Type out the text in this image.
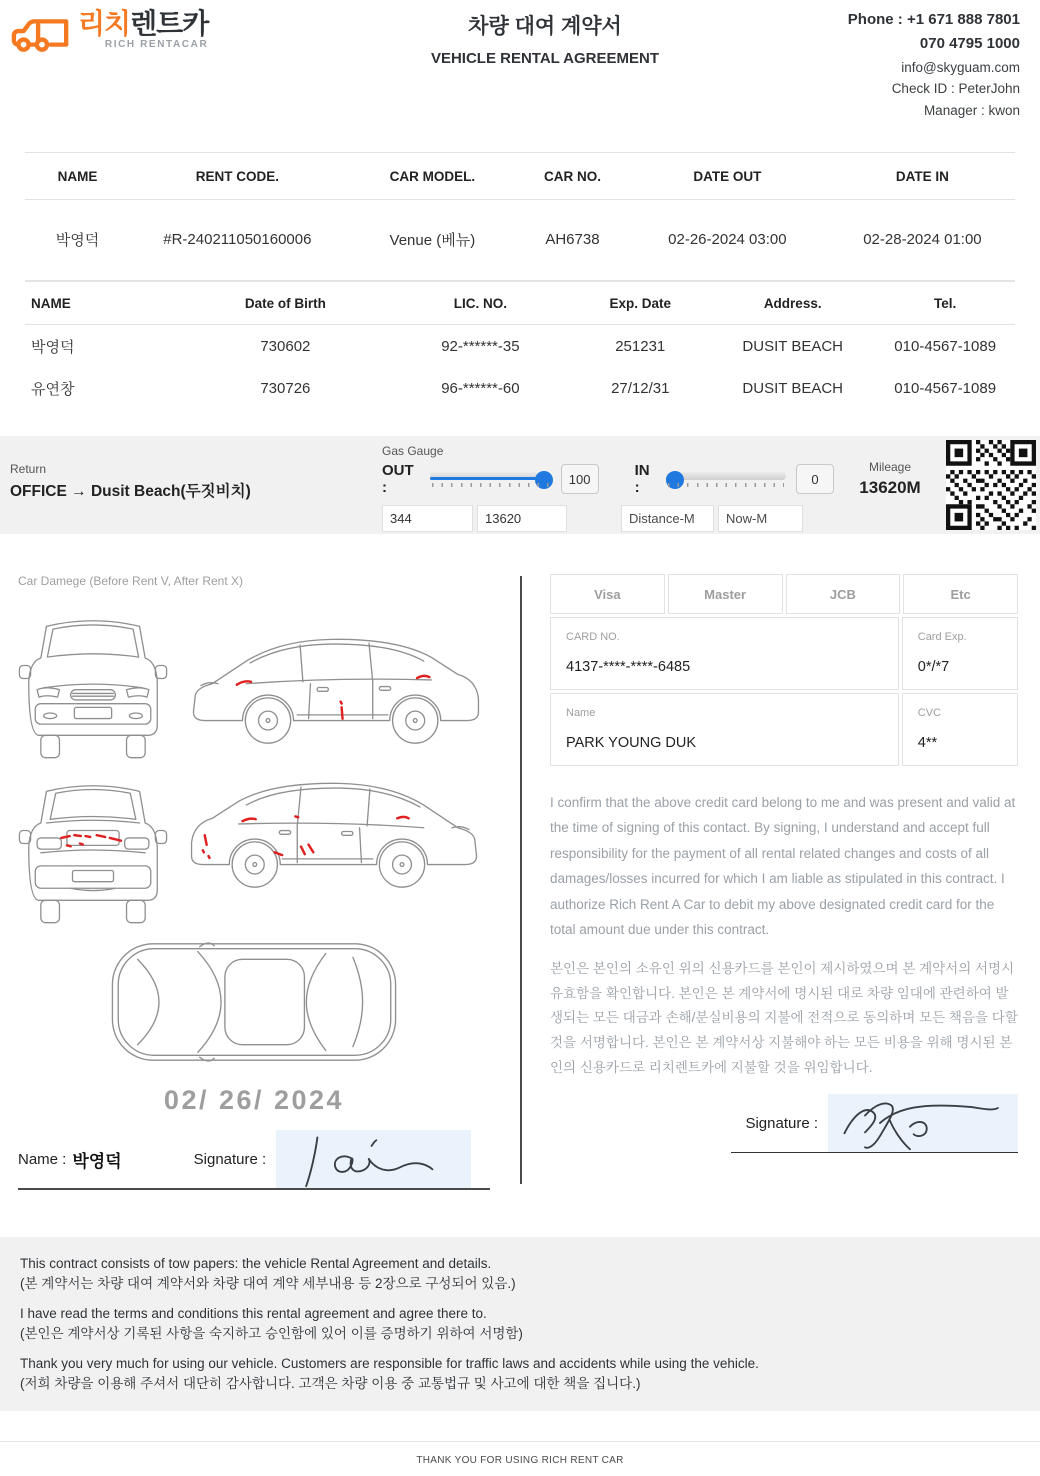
리치렌트카
RICH RENTACAR
차량 대여 계약서
VEHICLE RENTAL AGREEMENT
Phone : +1 671 888 7801
070 4795 1000
info@skyguam.com
Check ID : PeterJohn
Manager : kwon
NAME	RENT CODE.	CAR MODEL.	CAR NO.	DATE OUT	DATE IN
박영덕	#R-240211050160006	Venue (베뉴)	AH6738	02-26-2024 03:00	02-28-2024 01:00
NAME	Date of Birth	LIC. NO.	Exp. Date	Address.	Tel.
박영덕	730602	92-******-35	251231	DUSIT BEACH	010-4567-1089
유연창	730726	96-******-60	27/12/31	DUSIT BEACH	010-4567-1089

Return
OFFICE → Dusit Beach(두짓비치)
Gas Gauge
OUT :	100	IN :	0
344
13620
Distance-M
Now-M
Mileage
13620M
Car Damege (Before Rent V, After Rent X)
02/ 26/ 2024
Name : 박영덕	Signature :
Visa	Master	JCB	Etc
CARD NO.
4137-****-****-6485
Card Exp.
0*/*7
Name
PARK YOUNG DUK
CVC
4**

I confirm that the above credit card belong to me and was present and valid at the time of signing of this contact. By signing, I understand and accept full responsibility for the payment of all rental related changes and costs of all damages/losses incurred for which I am liable as stipulated in this contract. I authorize Rich Rent A Car to debit my above designated credit card for the total amount due under this contract.

본인은 본인의 소유인 위의 신용카드를 본인이 제시하였으며 본 계약서의 서명시 유효함을 확인합니다. 본인은 본 계약서에 명시된 대로 차량 임대에 관련하여 발생되는 모든 대금과 손해/분실비용의 지불에 전적으로 동의하며 모든 책음을 다할 것을 서명합니다. 본인은 본 계약서상 지불해야 하는 모든 비용을 위해 명시된 본인의 신용카드로 리치렌트카에 지불할 것을 위임합니다.

Signature :
This contract consists of tow papers: the vehicle Rental Agreement and details.
(본 계약서는 차량 대여 계약서와 차량 대여 계약 세부내용 등 2장으로 구성되어 있음.)
I have read the terms and conditions this rental agreement and agree there to.
(본인은 계약서상 기록된 사항을 숙지하고 승인함에 있어 이를 증명하기 위하여 서명함)
Thank you very much for using our vehicle. Customers are responsible for traffic laws and accidents while using the vehicle.
(저희 차량을 이용해 주셔서 대단히 감사합니다. 고객은 차량 이용 중 교통법규 및 사고에 대한 책을 집니다.)
THANK YOU FOR USING RICH RENT CAR
